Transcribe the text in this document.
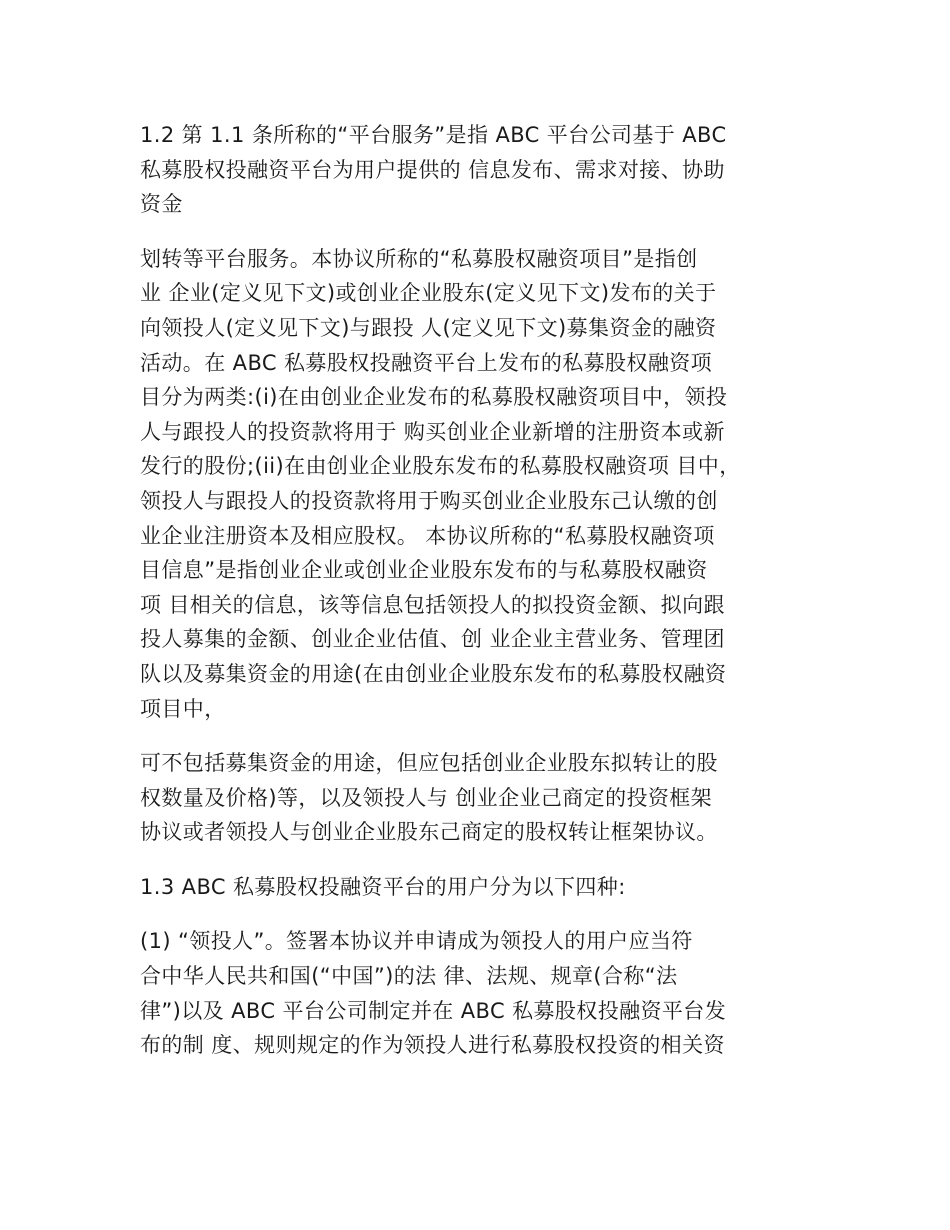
1.2 第 1.1 条所称的“平台服务”是指 ABC 平台公司基于 ABC
私募股权投融资平台为用户提供的 信息发布、需求对接、协助
资金

划转等平台服务。本协议所称的“私募股权融资项目”是指创
业 企业(定义见下文)或创业企业股东(定义见下文)发布的关于
向领投人(定义见下文)与跟投 人(定义见下文)募集资金的融资
活动。在 ABC 私募股权投融资平台上发布的私募股权融资项
目分为两类:(i)在由创业企业发布的私募股权融资项目中，领投
人与跟投人的投资款将用于 购买创业企业新增的注册资本或新
发行的股份;(ii)在由创业企业股东发布的私募股权融资项 目中，
领投人与跟投人的投资款将用于购买创业企业股东己认缴的创
业企业注册资本及相应股权。 本协议所称的“私募股权融资项
目信息”是指创业企业或创业企业股东发布的与私募股权融资
项 目相关的信息，该等信息包括领投人的拟投资金额、拟向跟
投人募集的金额、创业企业估值、创 业企业主营业务、管理团
队以及募集资金的用途(在由创业企业股东发布的私募股权融资
项目中，

可不包括募集资金的用途，但应包括创业企业股东拟转让的股
权数量及价格)等，以及领投人与 创业企业己商定的投资框架
协议或者领投人与创业企业股东己商定的股权转让框架协议。

1.3 ABC 私募股权投融资平台的用户分为以下四种:

(1) “领投人”。签署本协议并申请成为领投人的用户应当符
合中华人民共和国(“中国”)的法 律、法规、规章(合称“法
律”)以及 ABC 平台公司制定并在 ABC 私募股权投融资平台发
布的制 度、规则规定的作为领投人进行私募股权投资的相关资
